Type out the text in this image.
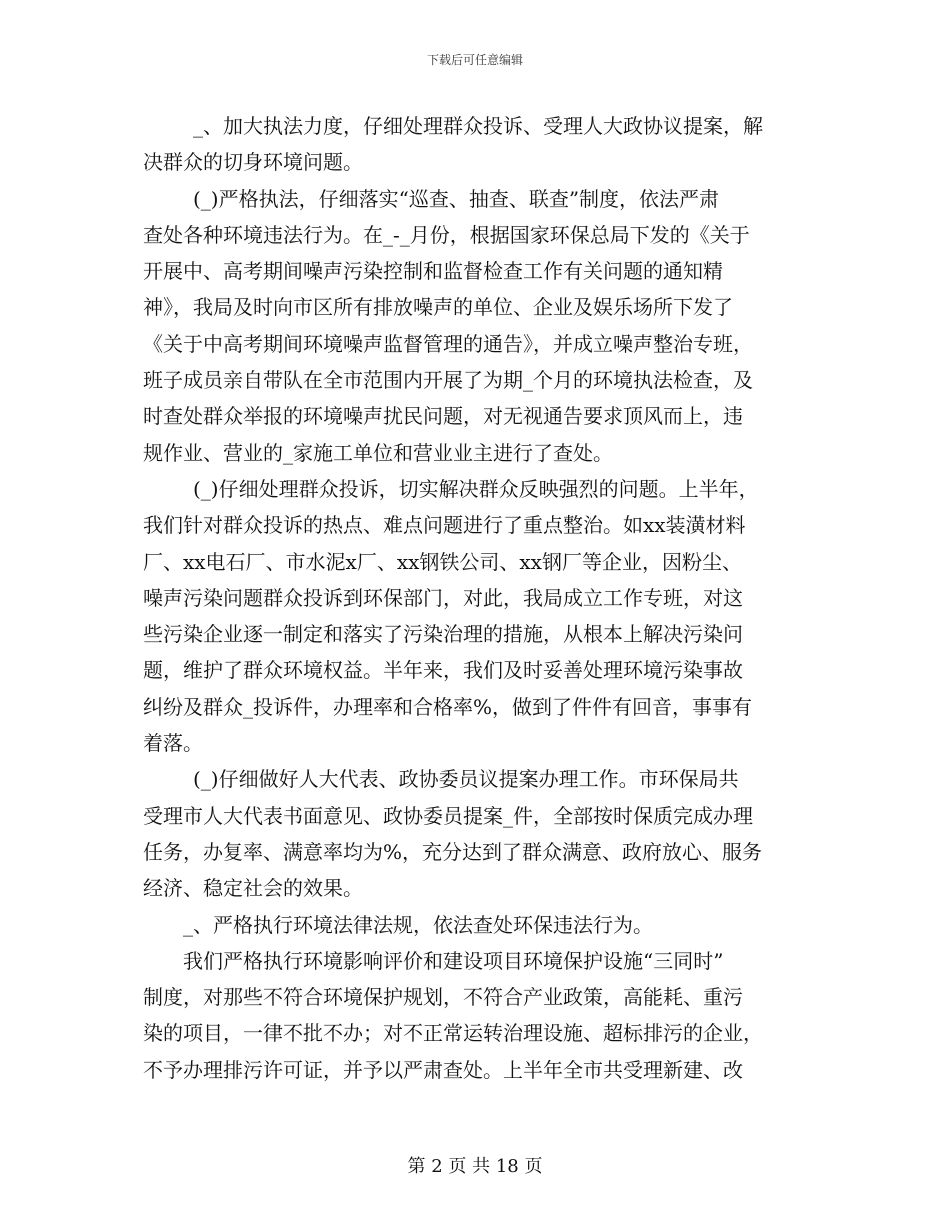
下载后可任意编辑
_、加大执法力度，仔细处理群众投诉、受理人大政协议提案，解
决群众的切身环境问题。
(_)严格执法，仔细落实“巡查、抽查、联查”制度，依法严肃
查处各种环境违法行为。在_-_月份，根据国家环保总局下发的《关于
开展中、高考期间噪声污染控制和监督检查工作有关问题的通知精
神》，我局及时向市区所有排放噪声的单位、企业及娱乐场所下发了
《关于中高考期间环境噪声监督管理的通告》，并成立噪声整治专班，
班子成员亲自带队在全市范围内开展了为期_个月的环境执法检查，及
时查处群众举报的环境噪声扰民问题，对无视通告要求顶风而上，违
规作业、营业的_家施工单位和营业业主进行了查处。
(_)仔细处理群众投诉，切实解决群众反映强烈的问题。上半年，
我们针对群众投诉的热点、难点问题进行了重点整治。如xx装潢材料
厂、xx电石厂、市水泥x厂、xx钢铁公司、xx钢厂等企业，因粉尘、
噪声污染问题群众投诉到环保部门，对此，我局成立工作专班，对这
些污染企业逐一制定和落实了污染治理的措施，从根本上解决污染问
题，维护了群众环境权益。半年来，我们及时妥善处理环境污染事故
纠纷及群众_投诉件，办理率和合格率%，做到了件件有回音，事事有
着落。
(_)仔细做好人大代表、政协委员议提案办理工作。市环保局共
受理市人大代表书面意见、政协委员提案_件，全部按时保质完成办理
任务，办复率、满意率均为%，充分达到了群众满意、政府放心、服务
经济、稳定社会的效果。
_、严格执行环境法律法规，依法查处环保违法行为。
我们严格执行环境影响评价和建设项目环境保护设施“三同时”
制度，对那些不符合环境保护规划，不符合产业政策，高能耗、重污
染的项目，一律不批不办；对不正常运转治理设施、超标排污的企业，
不予办理排污许可证，并予以严肃查处。上半年全市共受理新建、改
第 2 页 共 18 页
